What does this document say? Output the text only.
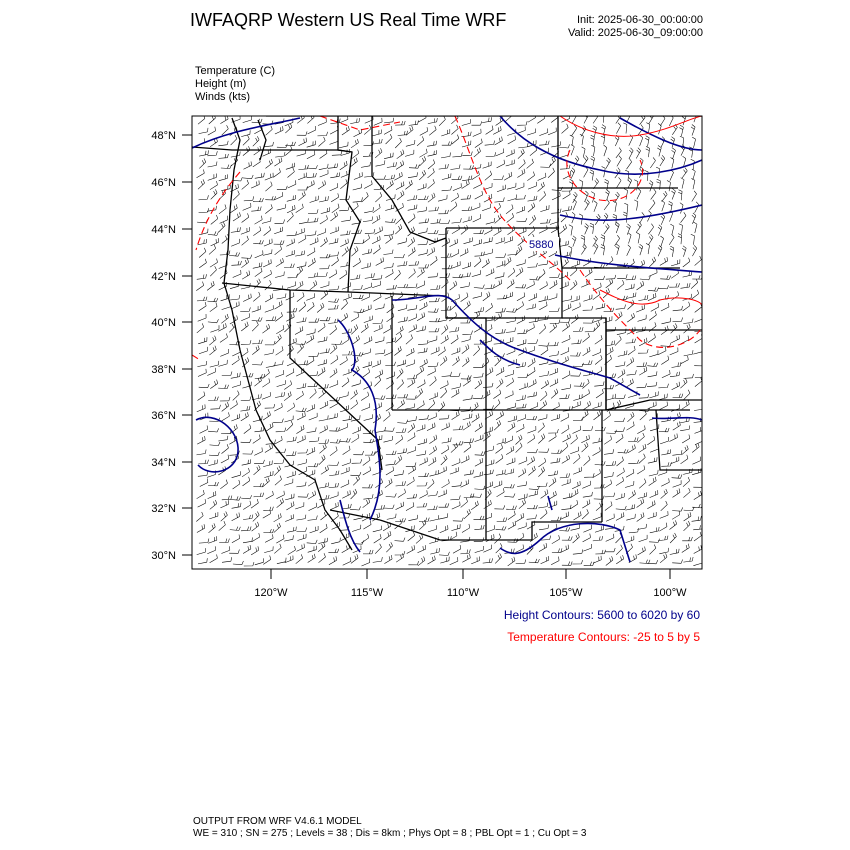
IWFAQRP Western US Real Time WRF	Init: 2025-06-30_00:00:00
Valid: 2025-06-30_09:00:00
Temperature (C)
Height (m)
Winds (kts)
5880
48°N
46°N
44°N
42°N
40°N
38°N
36°N
34°N
32°N
30°N
120°W	115°W	110°W	105°W	100°W
Height Contours: 5600 to 6020 by 60
Temperature Contours: -25 to 5 by 5
OUTPUT FROM WRF V4.6.1 MODEL
WE = 310 ; SN = 275 ; Levels = 38 ; Dis = 8km ; Phys Opt = 8 ; PBL Opt = 1 ; Cu Opt = 3
